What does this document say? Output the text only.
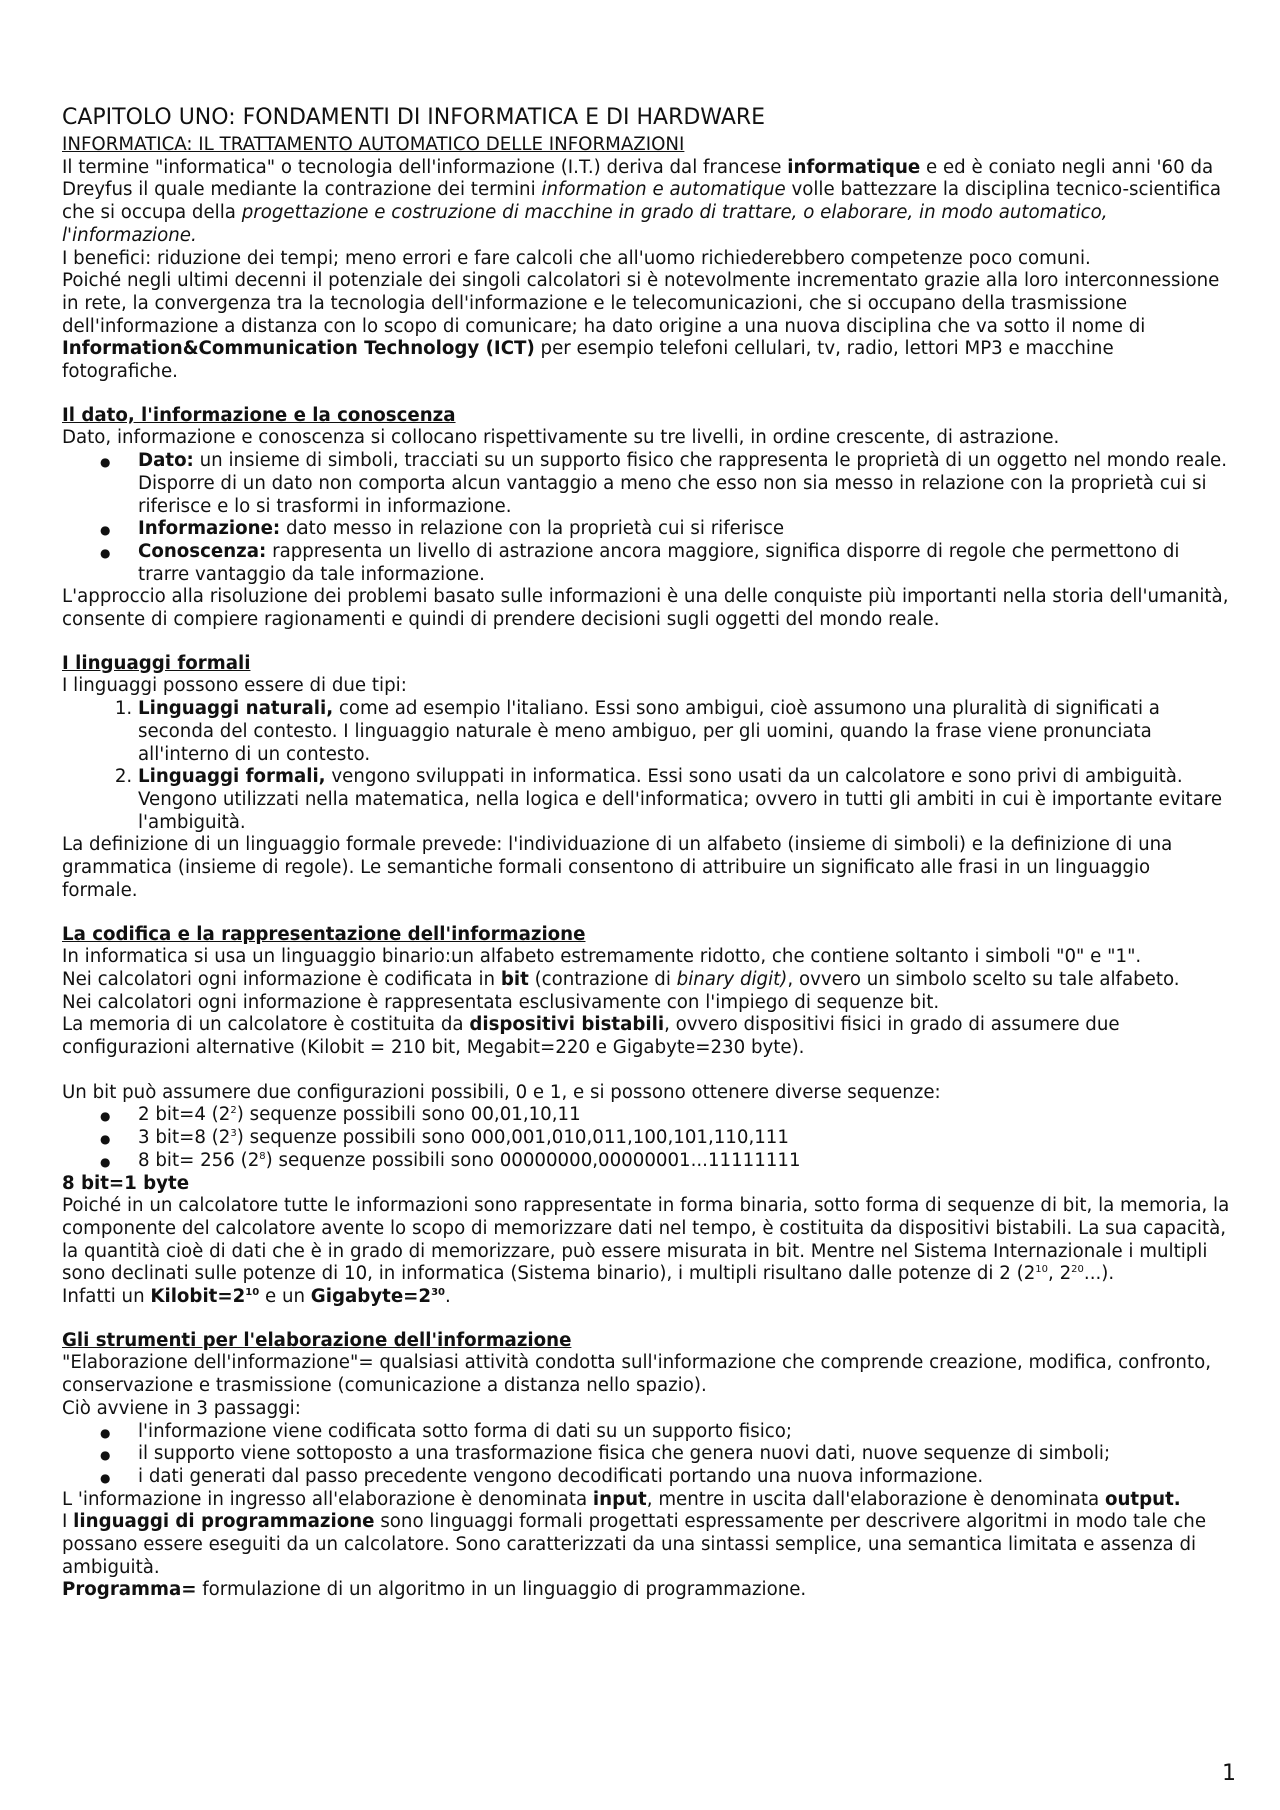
CAPITOLO UNO: FONDAMENTI DI INFORMATICA E DI HARDWARE
INFORMATICA: IL TRATTAMENTO AUTOMATICO DELLE INFORMAZIONI

Il termine "informatica" o tecnologia dell'informazione (I.T.) deriva dal francese informatique e ed è coniato negli anni '60 da Dreyfus il quale mediante la contrazione dei termini information e automatique volle battezzare la disciplina tecnico-scientifica che si occupa della progettazione e costruzione di macchine in grado di trattare, o elaborare, in modo automatico, l'informazione.

I benefici: riduzione dei tempi; meno errori e fare calcoli che all'uomo richiederebbero competenze poco comuni.

Poiché negli ultimi decenni il potenziale dei singoli calcolatori si è notevolmente incrementato grazie alla loro interconnessione in rete, la convergenza tra la tecnologia dell'informazione e le telecomunicazioni, che si occupano della trasmissione dell'informazione a distanza con lo scopo di comunicare; ha dato origine a una nuova disciplina che va sotto il nome di Information&Communication Technology (ICT) per esempio telefoni cellulari, tv, radio, lettori MP3 e macchine fotografiche.

Il dato, l'informazione e la conoscenza

Dato, informazione e conoscenza si collocano rispettivamente su tre livelli, in ordine crescente, di astrazione.

● Dato: un insieme di simboli, tracciati su un supporto fisico che rappresenta le proprietà di un oggetto nel mondo reale. Disporre di un dato non comporta alcun vantaggio a meno che esso non sia messo in relazione con la proprietà cui si riferisce e lo si trasformi in informazione.
● Informazione: dato messo in relazione con la proprietà cui si riferisce
● Conoscenza: rappresenta un livello di astrazione ancora maggiore, significa disporre di regole che permettono di trarre vantaggio da tale informazione.

L'approccio alla risoluzione dei problemi basato sulle informazioni è una delle conquiste più importanti nella storia dell'umanità, consente di compiere ragionamenti e quindi di prendere decisioni sugli oggetti del mondo reale.

I linguaggi formali

I linguaggi possono essere di due tipi:

1. Linguaggi naturali, come ad esempio l'italiano. Essi sono ambigui, cioè assumono una pluralità di significati a seconda del contesto. I linguaggio naturale è meno ambiguo, per gli uomini, quando la frase viene pronunciata all'interno di un contesto.
2. Linguaggi formali, vengono sviluppati in informatica. Essi sono usati da un calcolatore e sono privi di ambiguità. Vengono utilizzati nella matematica, nella logica e dell'informatica; ovvero in tutti gli ambiti in cui è importante evitare l'ambiguità.

La definizione di un linguaggio formale prevede: l'individuazione di un alfabeto (insieme di simboli) e la definizione di una grammatica (insieme di regole). Le semantiche formali consentono di attribuire un significato alle frasi in un linguaggio formale.

La codifica e la rappresentazione dell'informazione

In informatica si usa un linguaggio binario:un alfabeto estremamente ridotto, che contiene soltanto i simboli "0" e "1".

Nei calcolatori ogni informazione è codificata in bit (contrazione di binary digit), ovvero un simbolo scelto su tale alfabeto.

Nei calcolatori ogni informazione è rappresentata esclusivamente con l'impiego di sequenze bit.

La memoria di un calcolatore è costituita da dispositivi bistabili, ovvero dispositivi fisici in grado di assumere due configurazioni alternative (Kilobit = 210 bit, Megabit=220 e Gigabyte=230 byte).

Un bit può assumere due configurazioni possibili, 0 e 1, e si possono ottenere diverse sequenze:

● 2 bit=4 $(2^2)$ sequenze possibili sono 00,01,10,11
● 3 bit=8 $(2^3)$ sequenze possibili sono 000,001,010,011,100,101,110,111
● 8 bit= 256 $(2^8)$ sequenze possibili sono 00000000,00000001...11111111

8 bit=1 byte

Poiché in un calcolatore tutte le informazioni sono rappresentate in forma binaria, sotto forma di sequenze di bit, la memoria, la componente del calcolatore avente lo scopo di memorizzare dati nel tempo, è costituita da dispositivi bistabili. La sua capacità, la quantità cioè di dati che è in grado di memorizzare, può essere misurata in bit. Mentre nel Sistema Internazionale i multipli sono declinati sulle potenze di 10, in informatica (Sistema binario), i multipli risultano dalle potenze di 2 ($2^{10}$, $2^{20}$...).

Infatti un $Kilobit=2^{10}$ e un $Gigabyte=2^{30}$.

Gli strumenti per l'elaborazione dell'informazione

"Elaborazione dell'informazione"= qualsiasi attività condotta sull'informazione che comprende creazione, modifica, confronto, conservazione e trasmissione (comunicazione a distanza nello spazio).

Ciò avviene in 3 passaggi:

● l'informazione viene codificata sotto forma di dati su un supporto fisico;
● il supporto viene sottoposto a una trasformazione fisica che genera nuovi dati, nuove sequenze di simboli;
● i dati generati dal passo precedente vengono decodificati portando una nuova informazione.

L 'informazione in ingresso all'elaborazione è denominata input, mentre in uscita dall'elaborazione è denominata output.

I linguaggi di programmazione sono linguaggi formali progettati espressamente per descrivere algoritmi in modo tale che possano essere eseguiti da un calcolatore. Sono caratterizzati da una sintassi semplice, una semantica limitata e assenza di ambiguità.

Programma= formulazione di un algoritmo in un linguaggio di programmazione.

1
